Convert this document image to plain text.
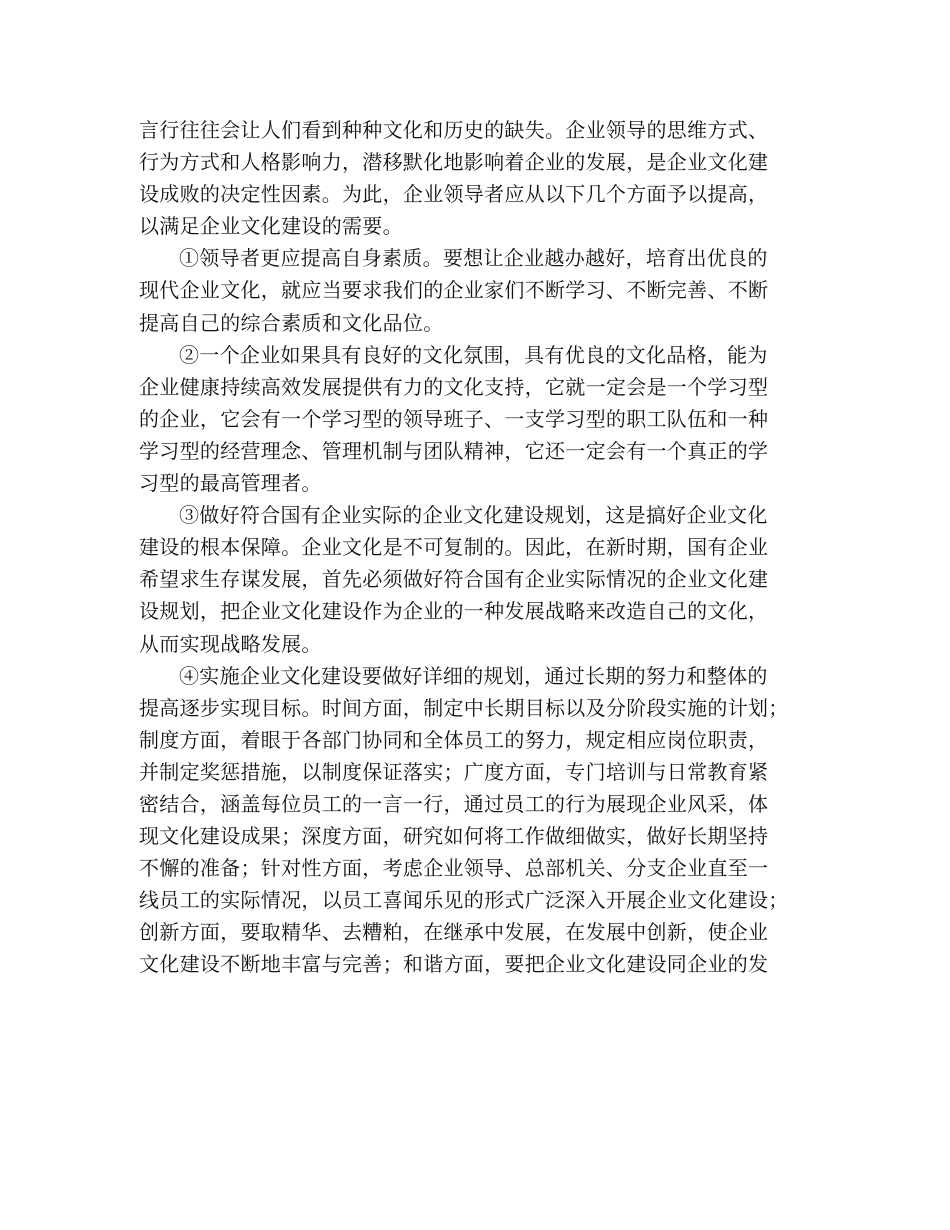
言行往往会让人们看到种种文化和历史的缺失。企业领导的思维方式、
行为方式和人格影响力，潜移默化地影响着企业的发展，是企业文化建
设成败的决定性因素。为此，企业领导者应从以下几个方面予以提高，
以满足企业文化建设的需要。
①领导者更应提高自身素质。要想让企业越办越好，培育出优良的
现代企业文化，就应当要求我们的企业家们不断学习、不断完善、不断
提高自己的综合素质和文化品位。
②一个企业如果具有良好的文化氛围，具有优良的文化品格，能为
企业健康持续高效发展提供有力的文化支持，它就一定会是一个学习型
的企业，它会有一个学习型的领导班子、一支学习型的职工队伍和一种
学习型的经营理念、管理机制与团队精神，它还一定会有一个真正的学
习型的最高管理者。
③做好符合国有企业实际的企业文化建设规划，这是搞好企业文化
建设的根本保障。企业文化是不可复制的。因此，在新时期，国有企业
希望求生存谋发展，首先必须做好符合国有企业实际情况的企业文化建
设规划，把企业文化建设作为企业的一种发展战略来改造自己的文化，
从而实现战略发展。
④实施企业文化建设要做好详细的规划，通过长期的努力和整体的
提高逐步实现目标。时间方面，制定中长期目标以及分阶段实施的计划；
制度方面，着眼于各部门协同和全体员工的努力，规定相应岗位职责，
并制定奖惩措施，以制度保证落实；广度方面，专门培训与日常教育紧
密结合，涵盖每位员工的一言一行，通过员工的行为展现企业风采，体
现文化建设成果；深度方面，研究如何将工作做细做实，做好长期坚持
不懈的准备；针对性方面，考虑企业领导、总部机关、分支企业直至一
线员工的实际情况，以员工喜闻乐见的形式广泛深入开展企业文化建设；
创新方面，要取精华、去糟粕，在继承中发展，在发展中创新，使企业
文化建设不断地丰富与完善；和谐方面，要把企业文化建设同企业的发
